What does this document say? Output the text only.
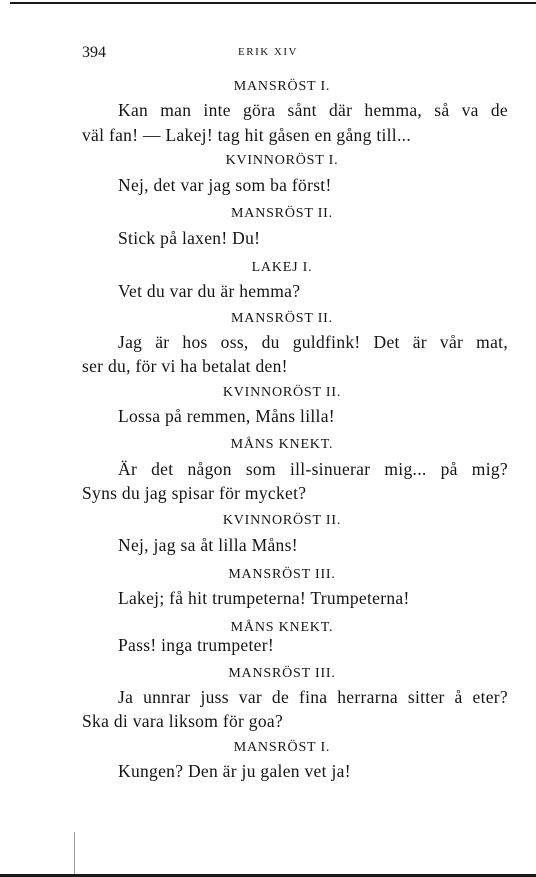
394	ERIK XIV
MANSRÖST I.
Kan man inte göra sånt där hemma, så va de
väl fan! — Lakej! tag hit gåsen en gång till...
KVINNORÖST I.
Nej, det var jag som ba först!
MANSRÖST II.
Stick på laxen! Du!
LAKEJ I.
Vet du var du är hemma?
MANSRÖST II.
Jag är hos oss, du guldfink! Det är vår mat,
ser du, för vi ha betalat den!
KVINNORÖST II.
Lossa på remmen, Måns lilla!
MÅNS KNEKT.
Är det någon som ill-sinuerar mig... på mig?
Syns du jag spisar för mycket?
KVINNORÖST II.
Nej, jag sa åt lilla Måns!
MANSRÖST III.
Lakej; få hit trumpeterna! Trumpeterna!
MÅNS KNEKT.
Pass! inga trumpeter!
MANSRÖST III.
Ja unnrar juss var de fina herrarna sitter å eter?
Ska di vara liksom för goa?
MANSRÖST I.
Kungen? Den är ju galen vet ja!
